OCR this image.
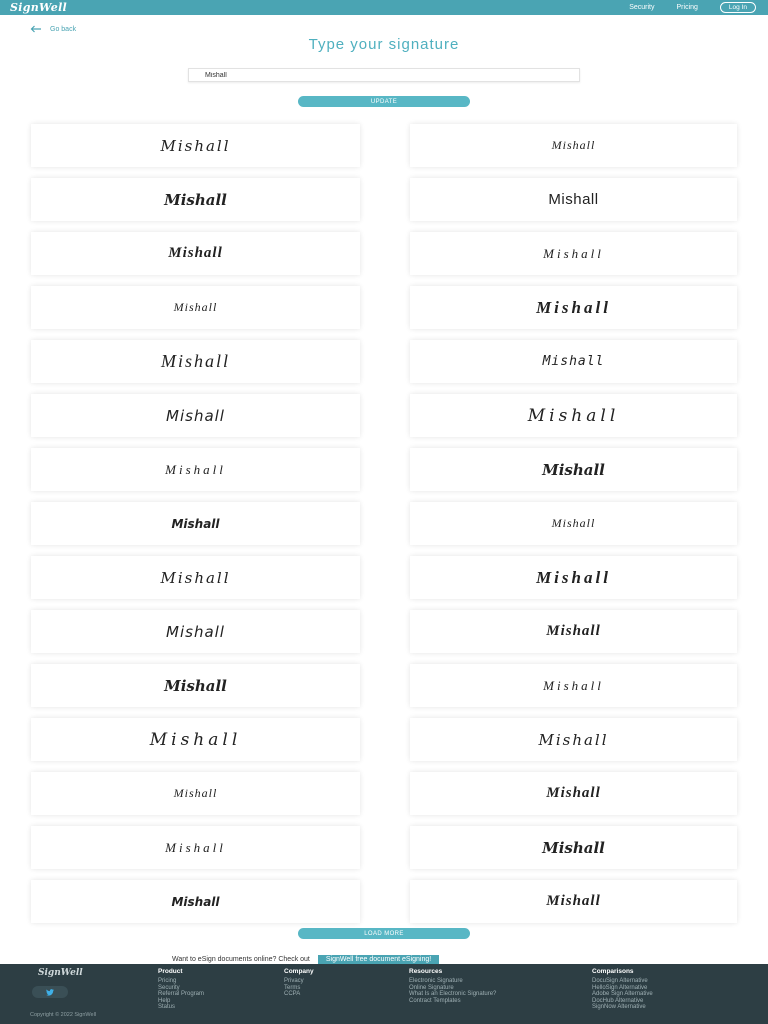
SignWell	Security	Pricing	Log In
Go back
Type your signature
Mishall
UPDATE
Mishall	Mishall
Mishall	Mishall
Mishall	Mishall
Mishall	Mishall
Mishall	Mishall
Mishall	Mishall
Mishall	Mishall
Mishall	Mishall
Mishall	Mishall
Mishall	Mishall
Mishall	Mishall
Mishall	Mishall
Mishall	Mishall
Mishall	Mishall
Mishall	Mishall
LOAD MORE
Want to eSign documents online? Check out	SignWell free document eSigning!
SignWell
Copyright © 2022 SignWell
Product
Pricing
Security
Referral Program
Help
Status
Company
Privacy
Terms
CCPA
Resources
Electronic Signature
Online Signature
What Is an Electronic Signature?
Contract Templates
Comparisons
DocuSign Alternative
HelloSign Alternative
Adobe Sign Alternative
DocHub Alternative
SignNow Alternative
